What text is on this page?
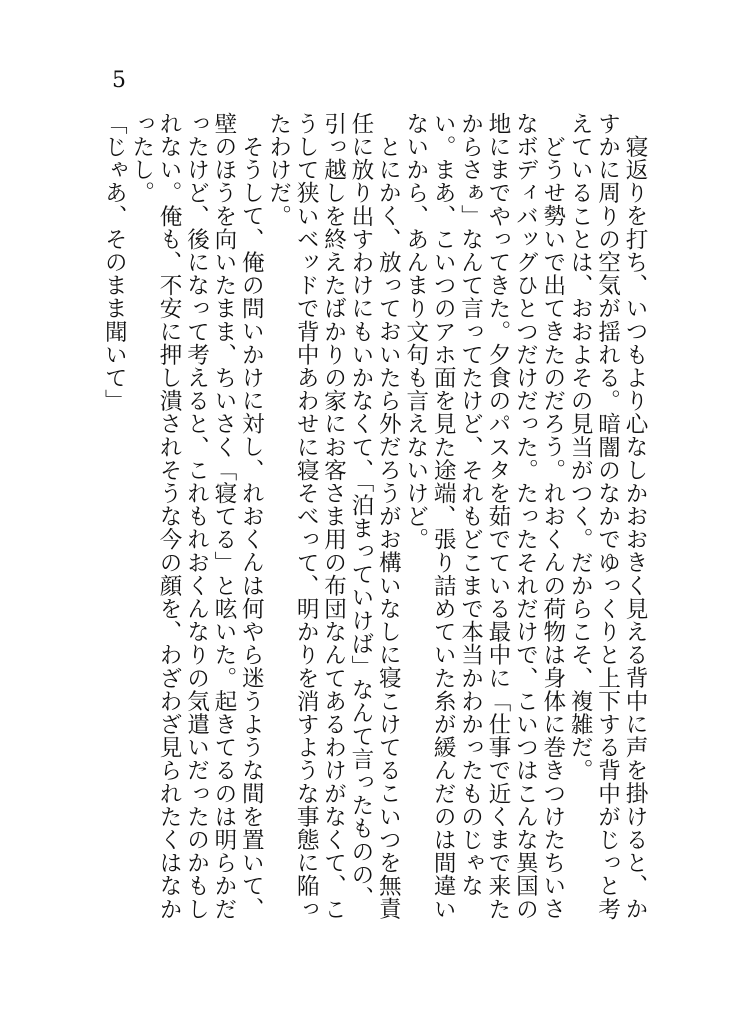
5

寝返りを打ち、いつもより心なしかおおきく見える背中に声を掛けると、かすかに周りの空気が揺れる。暗闇のなかでゆっくりと上下する背中がじっと考えていることは、おおよその見当がつく。だからこそ、複雑だ。

どうせ勢いで出てきたのだろう。れおくんの荷物は身体に巻きつけたちいさなボディバッグひとつだけだった。たったそれだけで、こいつはこんな異国の地にまでやってきた。夕食のパスタを茹でている最中に「仕事で近くまで来たからさぁ」なんて言ってたけど、それもどこまで本当かわかったものじゃない。まあ、こいつのアホ面を見た途端、張り詰めていた糸が緩んだのは間違いないから、あんまり文句も言えないけど。

とにかく、放っておいたら外だろうがお構いなしに寝こけてるこいつを無責任に放り出すわけにもいかなくて、「泊まっていけば」なんて言ったものの、引っ越しを終えたばかりの家にお客さま用の布団なんてあるわけがなくて、こうして狭いベッドで背中あわせに寝そべって、明かりを消すような事態に陥ったわけだ。

そうして、俺の問いかけに対し、れおくんは何やら迷うような間を置いて、壁のほうを向いたまま、ちいさく「寝てる」と呟いた。起きてるのは明らかだったけど、後になって考えると、これもれおくんなりの気遣いだったのかもしれない。俺も、不安に押し潰されそうな今の顔を、わざわざ見られたくはなかったし。

「じゃあ、そのまま聞いて」
